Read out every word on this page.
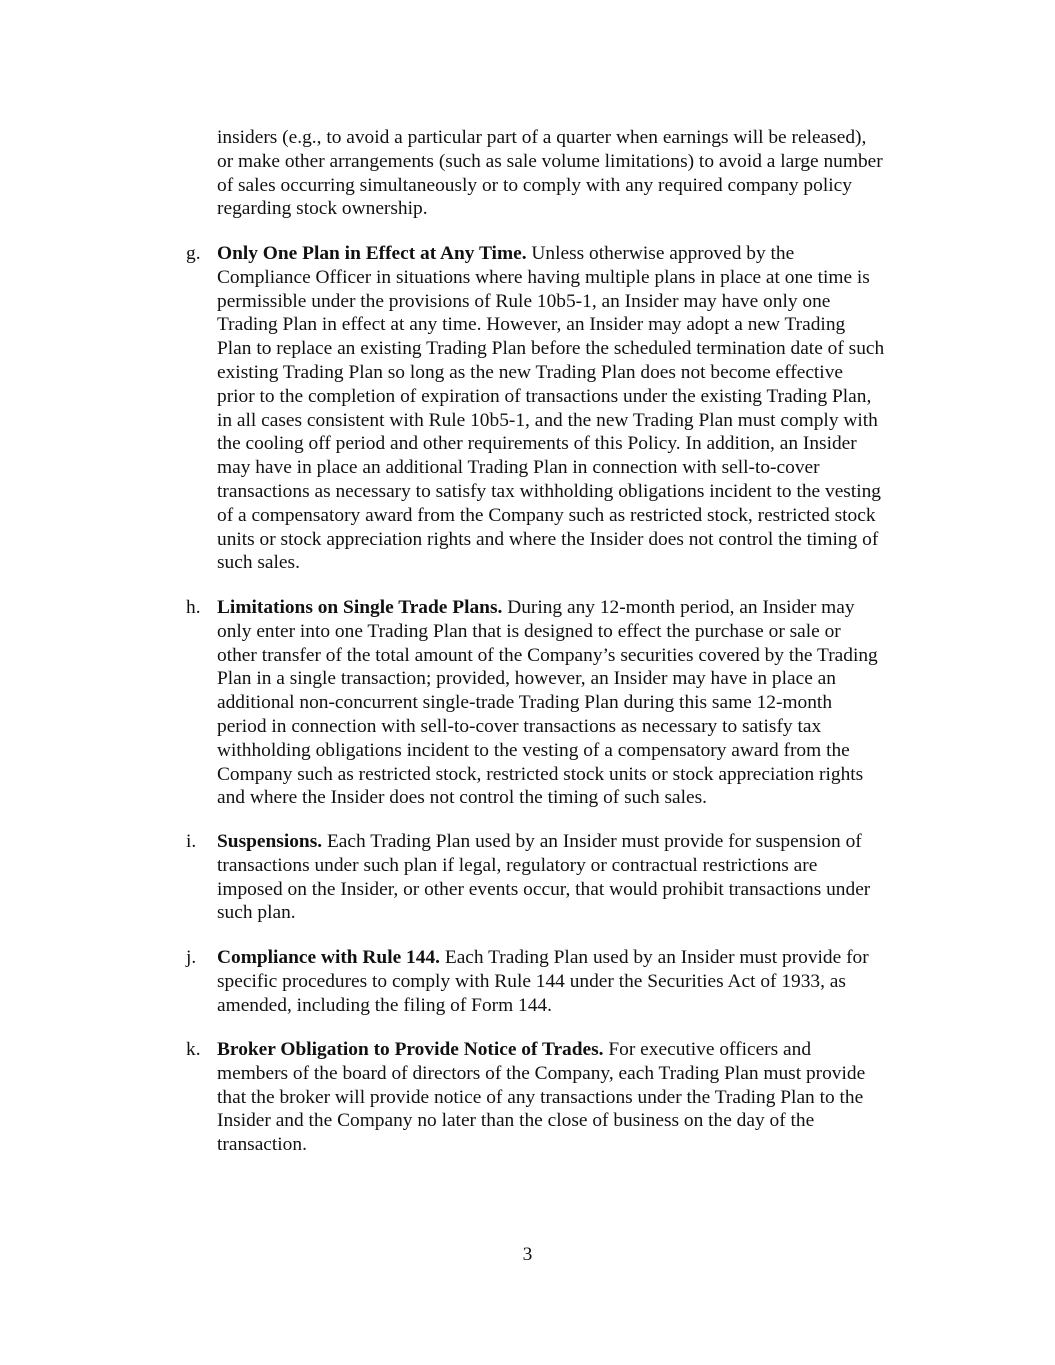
insiders (e.g., to avoid a particular part of a quarter when earnings will be released),
or make other arrangements (such as sale volume limitations) to avoid a large number
of sales occurring simultaneously or to comply with any required company policy
regarding stock ownership.
g. Only One Plan in Effect at Any Time. Unless otherwise approved by the
Compliance Officer in situations where having multiple plans in place at one time is
permissible under the provisions of Rule 10b5-1, an Insider may have only one
Trading Plan in effect at any time. However, an Insider may adopt a new Trading
Plan to replace an existing Trading Plan before the scheduled termination date of such
existing Trading Plan so long as the new Trading Plan does not become effective
prior to the completion of expiration of transactions under the existing Trading Plan,
in all cases consistent with Rule 10b5-1, and the new Trading Plan must comply with
the cooling off period and other requirements of this Policy. In addition, an Insider
may have in place an additional Trading Plan in connection with sell-to-cover
transactions as necessary to satisfy tax withholding obligations incident to the vesting
of a compensatory award from the Company such as restricted stock, restricted stock
units or stock appreciation rights and where the Insider does not control the timing of
such sales.
h. Limitations on Single Trade Plans. During any 12-month period, an Insider may
only enter into one Trading Plan that is designed to effect the purchase or sale or
other transfer of the total amount of the Company’s securities covered by the Trading
Plan in a single transaction; provided, however, an Insider may have in place an
additional non-concurrent single-trade Trading Plan during this same 12-month
period in connection with sell-to-cover transactions as necessary to satisfy tax
withholding obligations incident to the vesting of a compensatory award from the
Company such as restricted stock, restricted stock units or stock appreciation rights
and where the Insider does not control the timing of such sales.
i. Suspensions. Each Trading Plan used by an Insider must provide for suspension of
transactions under such plan if legal, regulatory or contractual restrictions are
imposed on the Insider, or other events occur, that would prohibit transactions under
such plan.
j. Compliance with Rule 144. Each Trading Plan used by an Insider must provide for
specific procedures to comply with Rule 144 under the Securities Act of 1933, as
amended, including the filing of Form 144.
k. Broker Obligation to Provide Notice of Trades. For executive officers and
members of the board of directors of the Company, each Trading Plan must provide
that the broker will provide notice of any transactions under the Trading Plan to the
Insider and the Company no later than the close of business on the day of the
transaction.
3
